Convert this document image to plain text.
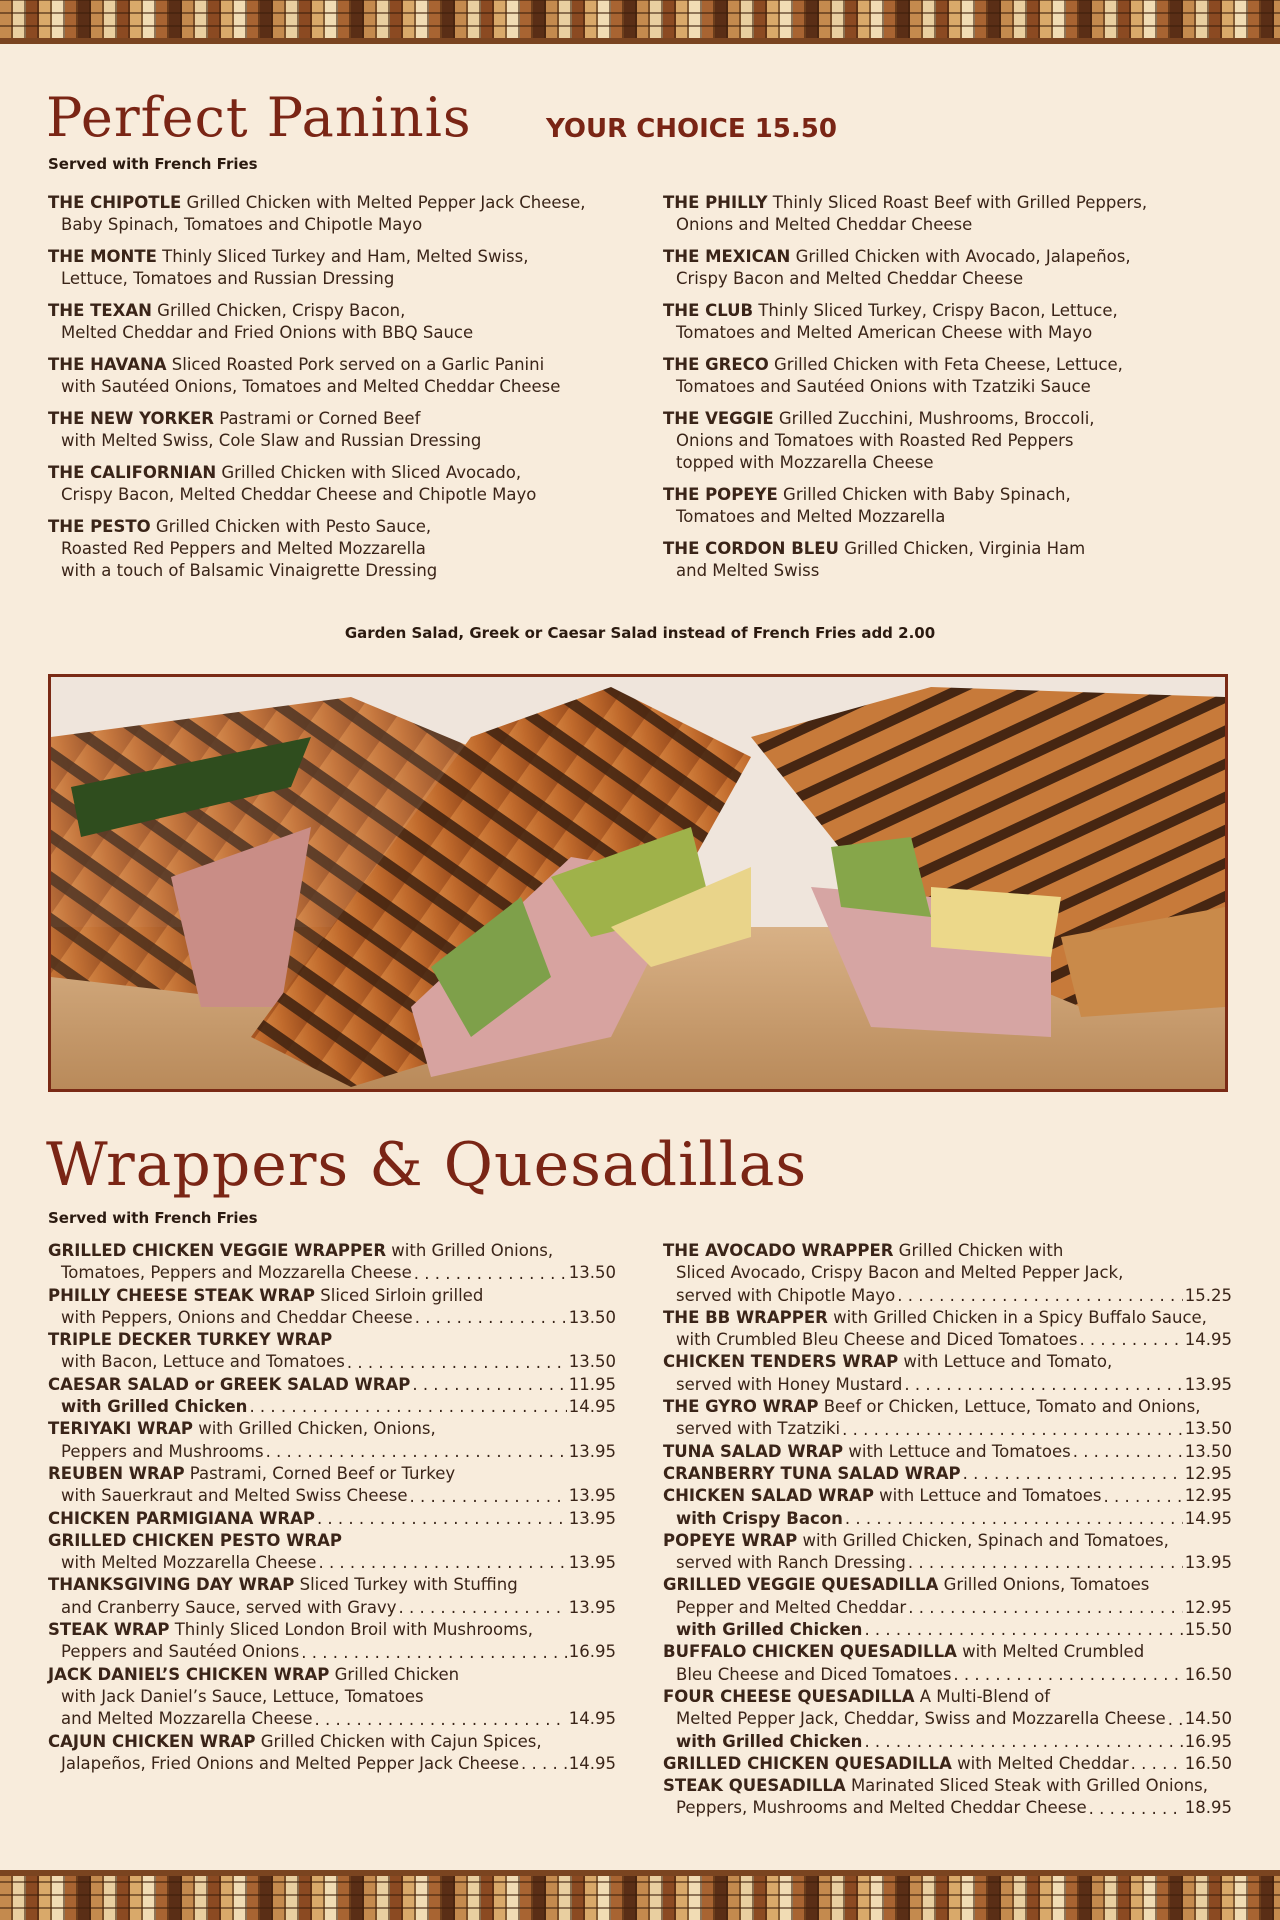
Perfect Paninis	YOUR CHOICE 15.50
Served with French Fries
THE CHIPOTLE Grilled Chicken with Melted Pepper Jack Cheese,
Baby Spinach, Tomatoes and Chipotle Mayo
THE MONTE Thinly Sliced Turkey and Ham, Melted Swiss,
Lettuce, Tomatoes and Russian Dressing
THE TEXAN Grilled Chicken, Crispy Bacon,
Melted Cheddar and Fried Onions with BBQ Sauce
THE HAVANA Sliced Roasted Pork served on a Garlic Panini
with Sautéed Onions, Tomatoes and Melted Cheddar Cheese
THE NEW YORKER Pastrami or Corned Beef
with Melted Swiss, Cole Slaw and Russian Dressing
THE CALIFORNIAN Grilled Chicken with Sliced Avocado,
Crispy Bacon, Melted Cheddar Cheese and Chipotle Mayo
THE PESTO Grilled Chicken with Pesto Sauce,
Roasted Red Peppers and Melted Mozzarella
with a touch of Balsamic Vinaigrette Dressing
THE PHILLY Thinly Sliced Roast Beef with Grilled Peppers,
Onions and Melted Cheddar Cheese
THE MEXICAN Grilled Chicken with Avocado, Jalapeños,
Crispy Bacon and Melted Cheddar Cheese
THE CLUB Thinly Sliced Turkey, Crispy Bacon, Lettuce,
Tomatoes and Melted American Cheese with Mayo
THE GRECO Grilled Chicken with Feta Cheese, Lettuce,
Tomatoes and Sautéed Onions with Tzatziki Sauce
THE VEGGIE Grilled Zucchini, Mushrooms, Broccoli,
Onions and Tomatoes with Roasted Red Peppers
topped with Mozzarella Cheese
THE POPEYE Grilled Chicken with Baby Spinach,
Tomatoes and Melted Mozzarella
THE CORDON BLEU Grilled Chicken, Virginia Ham
and Melted Swiss
Garden Salad, Greek or Caesar Salad instead of French Fries add 2.00
Wrappers & Quesadillas
Served with French Fries
GRILLED CHICKEN VEGGIE WRAPPER with Grilled Onions,
Tomatoes, Peppers and Mozzarella Cheese . . .	13.50
PHILLY CHEESE STEAK WRAP Sliced Sirloin grilled
with Peppers, Onions and Cheddar Cheese . . .	13.50
TRIPLE DECKER TURKEY WRAP
with Bacon, Lettuce and Tomatoes . . .	13.50
CAESAR SALAD or GREEK SALAD WRAP . . .	11.95
with Grilled Chicken . . .	14.95
TERIYAKI WRAP with Grilled Chicken, Onions,
Peppers and Mushrooms . . .	13.95
REUBEN WRAP Pastrami, Corned Beef or Turkey
with Sauerkraut and Melted Swiss Cheese . . .	13.95
CHICKEN PARMIGIANA WRAP . . .	13.95
GRILLED CHICKEN PESTO WRAP
with Melted Mozzarella Cheese . . .	13.95
THANKSGIVING DAY WRAP Sliced Turkey with Stuffing
and Cranberry Sauce, served with Gravy . . .	13.95
STEAK WRAP Thinly Sliced London Broil with Mushrooms,
Peppers and Sautéed Onions . . .	16.95
JACK DANIEL’S CHICKEN WRAP Grilled Chicken
with Jack Daniel’s Sauce, Lettuce, Tomatoes
and Melted Mozzarella Cheese . . .	14.95
CAJUN CHICKEN WRAP Grilled Chicken with Cajun Spices,
Jalapeños, Fried Onions and Melted Pepper Jack Cheese . . .	14.95
THE AVOCADO WRAPPER Grilled Chicken with
Sliced Avocado, Crispy Bacon and Melted Pepper Jack,
served with Chipotle Mayo . . .	15.25
THE BB WRAPPER with Grilled Chicken in a Spicy Buffalo Sauce,
with Crumbled Bleu Cheese and Diced Tomatoes . . .	14.95
CHICKEN TENDERS WRAP with Lettuce and Tomato,
served with Honey Mustard . . .	13.95
THE GYRO WRAP Beef or Chicken, Lettuce, Tomato and Onions,
served with Tzatziki . . .	13.50
TUNA SALAD WRAP with Lettuce and Tomatoes . . .	13.50
CRANBERRY TUNA SALAD WRAP . . .	12.95
CHICKEN SALAD WRAP with Lettuce and Tomatoes . . .	12.95
with Crispy Bacon . . .	14.95
POPEYE WRAP with Grilled Chicken, Spinach and Tomatoes,
served with Ranch Dressing . . .	13.95
GRILLED VEGGIE QUESADILLA Grilled Onions, Tomatoes
Pepper and Melted Cheddar . . .	12.95
with Grilled Chicken . . .	15.50
BUFFALO CHICKEN QUESADILLA with Melted Crumbled
Bleu Cheese and Diced Tomatoes . . .	16.50
FOUR CHEESE QUESADILLA A Multi-Blend of
Melted Pepper Jack, Cheddar, Swiss and Mozzarella Cheese . . . 14.50
with Grilled Chicken . . .	16.95
GRILLED CHICKEN QUESADILLA with Melted Cheddar . . .	16.50
STEAK QUESADILLA Marinated Sliced Steak with Grilled Onions,
Peppers, Mushrooms and Melted Cheddar Cheese . . .	18.95
